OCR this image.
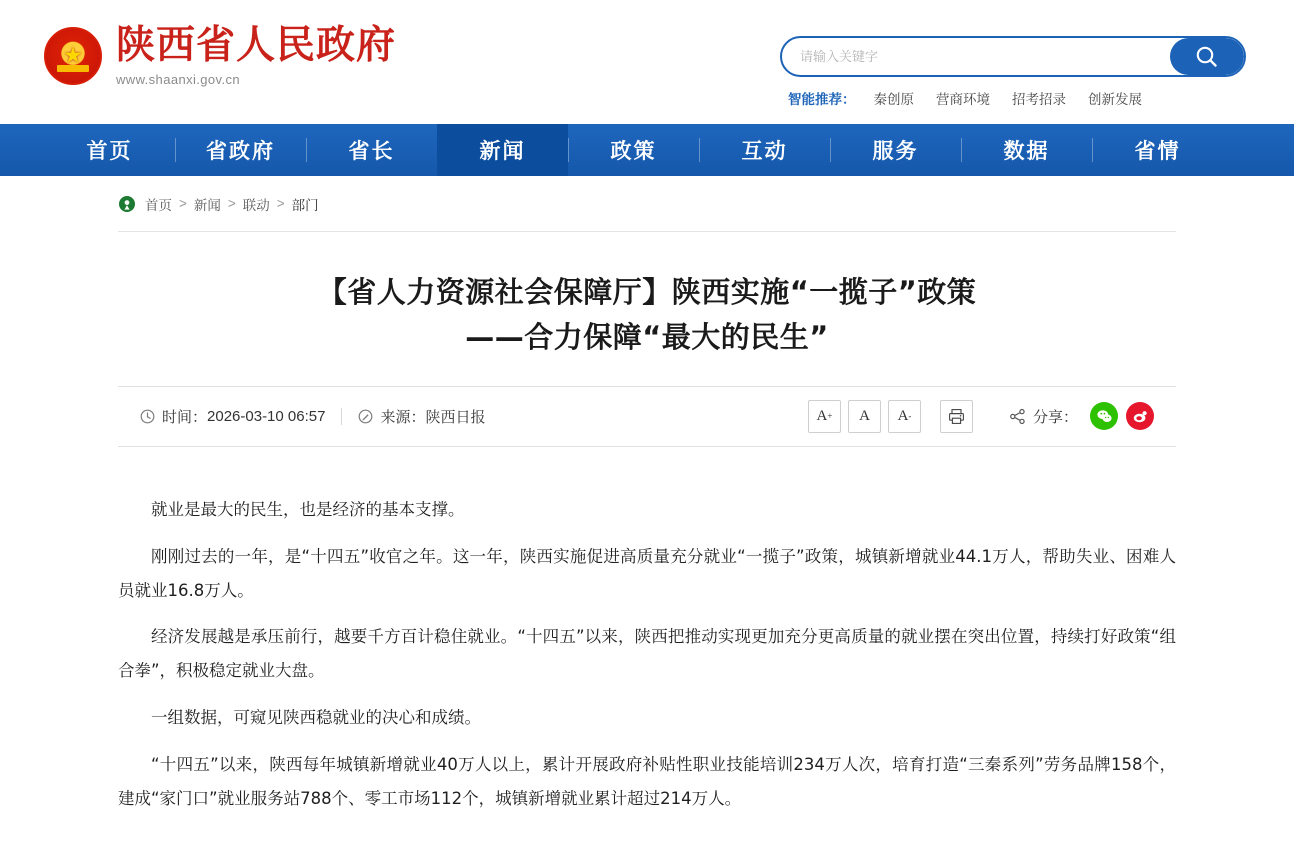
★
陕西省人民政府
www.shaanxi.gov.cn
请输入关键字
智能推荐： 秦创原 营商环境 招考招录 创新发展
首页	省政府	省长	新闻	政策	互动	服务	数据	省情
首页 > 新闻 > 联动 > 部门
【省人力资源社会保障厅】陕西实施“一揽子”政策
——合力保障“最大的民生”
时间： 2026-03-10 06:57	来源： 陕西日报	A + A A -	分享：

就业是最大的民生，也是经济的基本支撑。

刚刚过去的一年，是“十四五”收官之年。这一年，陕西实施促进高质量充分就业“一揽子”政策，城镇新增就业44.1万人，帮助失业、困难人员就业16.8万人。

经济发展越是承压前行，越要千方百计稳住就业。“十四五”以来，陕西把推动实现更加充分更高质量的就业摆在突出位置，持续打好政策“组合拳”，积极稳定就业大盘。

一组数据，可窥见陕西稳就业的决心和成绩。

“十四五”以来，陕西每年城镇新增就业40万人以上，累计开展政府补贴性职业技能培训234万人次，培育打造“三秦系列”劳务品牌158个，建成“家门口”就业服务站788个、零工市场112个，城镇新增就业累计超过214万人。
